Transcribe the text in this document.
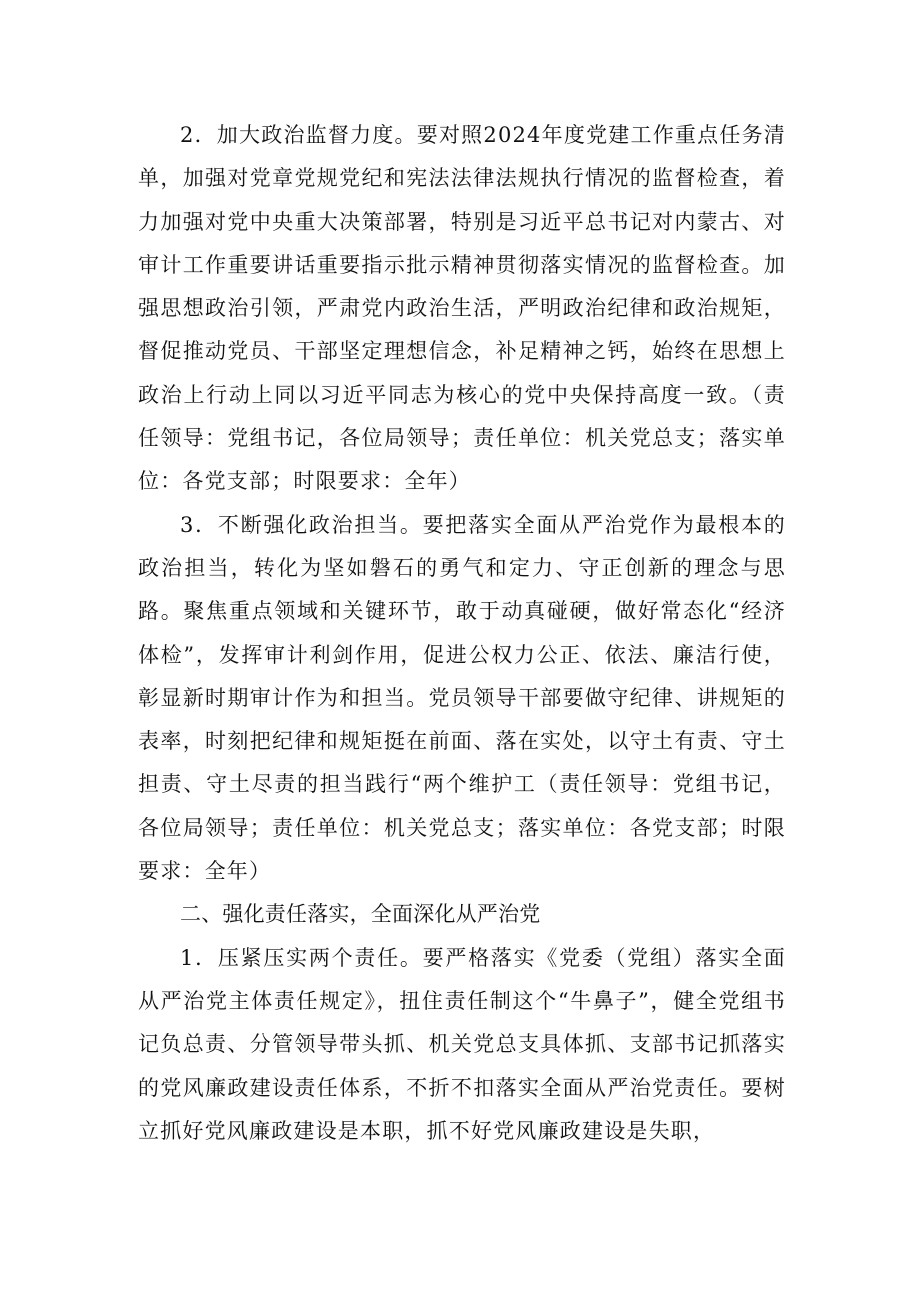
2．加大政治监督力度。要对照2024年度党建工作重点任务清单，加强对党章党规党纪和宪法法律法规执行情况的监督检查，着力加强对党中央重大决策部署，特别是习近平总书记对内蒙古、对审计工作重要讲话重要指示批示精神贯彻落实情况的监督检查。加强思想政治引领，严肃党内政治生活，严明政治纪律和政治规矩，督促推动党员、干部坚定理想信念，补足精神之钙，始终在思想上政治上行动上同以习近平同志为核心的党中央保持高度一致。（责任领导：党组书记，各位局领导；责任单位：机关党总支；落实单位：各党支部；时限要求：全年）

3．不断强化政治担当。要把落实全面从严治党作为最根本的政治担当，转化为坚如磐石的勇气和定力、守正创新的理念与思路。聚焦重点领域和关键环节，敢于动真碰硬，做好常态化“经济体检”，发挥审计利剑作用，促进公权力公正、依法、廉洁行使，彰显新时期审计作为和担当。党员领导干部要做守纪律、讲规矩的表率，时刻把纪律和规矩挺在前面、落在实处，以守土有责、守土担责、守土尽责的担当践行“两个维护工（责任领导：党组书记，各位局领导；责任单位：机关党总支；落实单位：各党支部；时限要求：全年）

二、强化责任落实，全面深化从严治党

1．压紧压实两个责任。要严格落实《党委（党组）落实全面从严治党主体责任规定》，扭住责任制这个“牛鼻子”，健全党组书记负总责、分管领导带头抓、机关党总支具体抓、支部书记抓落实的党风廉政建设责任体系，不折不扣落实全面从严治党责任。要树立抓好党风廉政建设是本职，抓不好党风廉政建设是失职，
